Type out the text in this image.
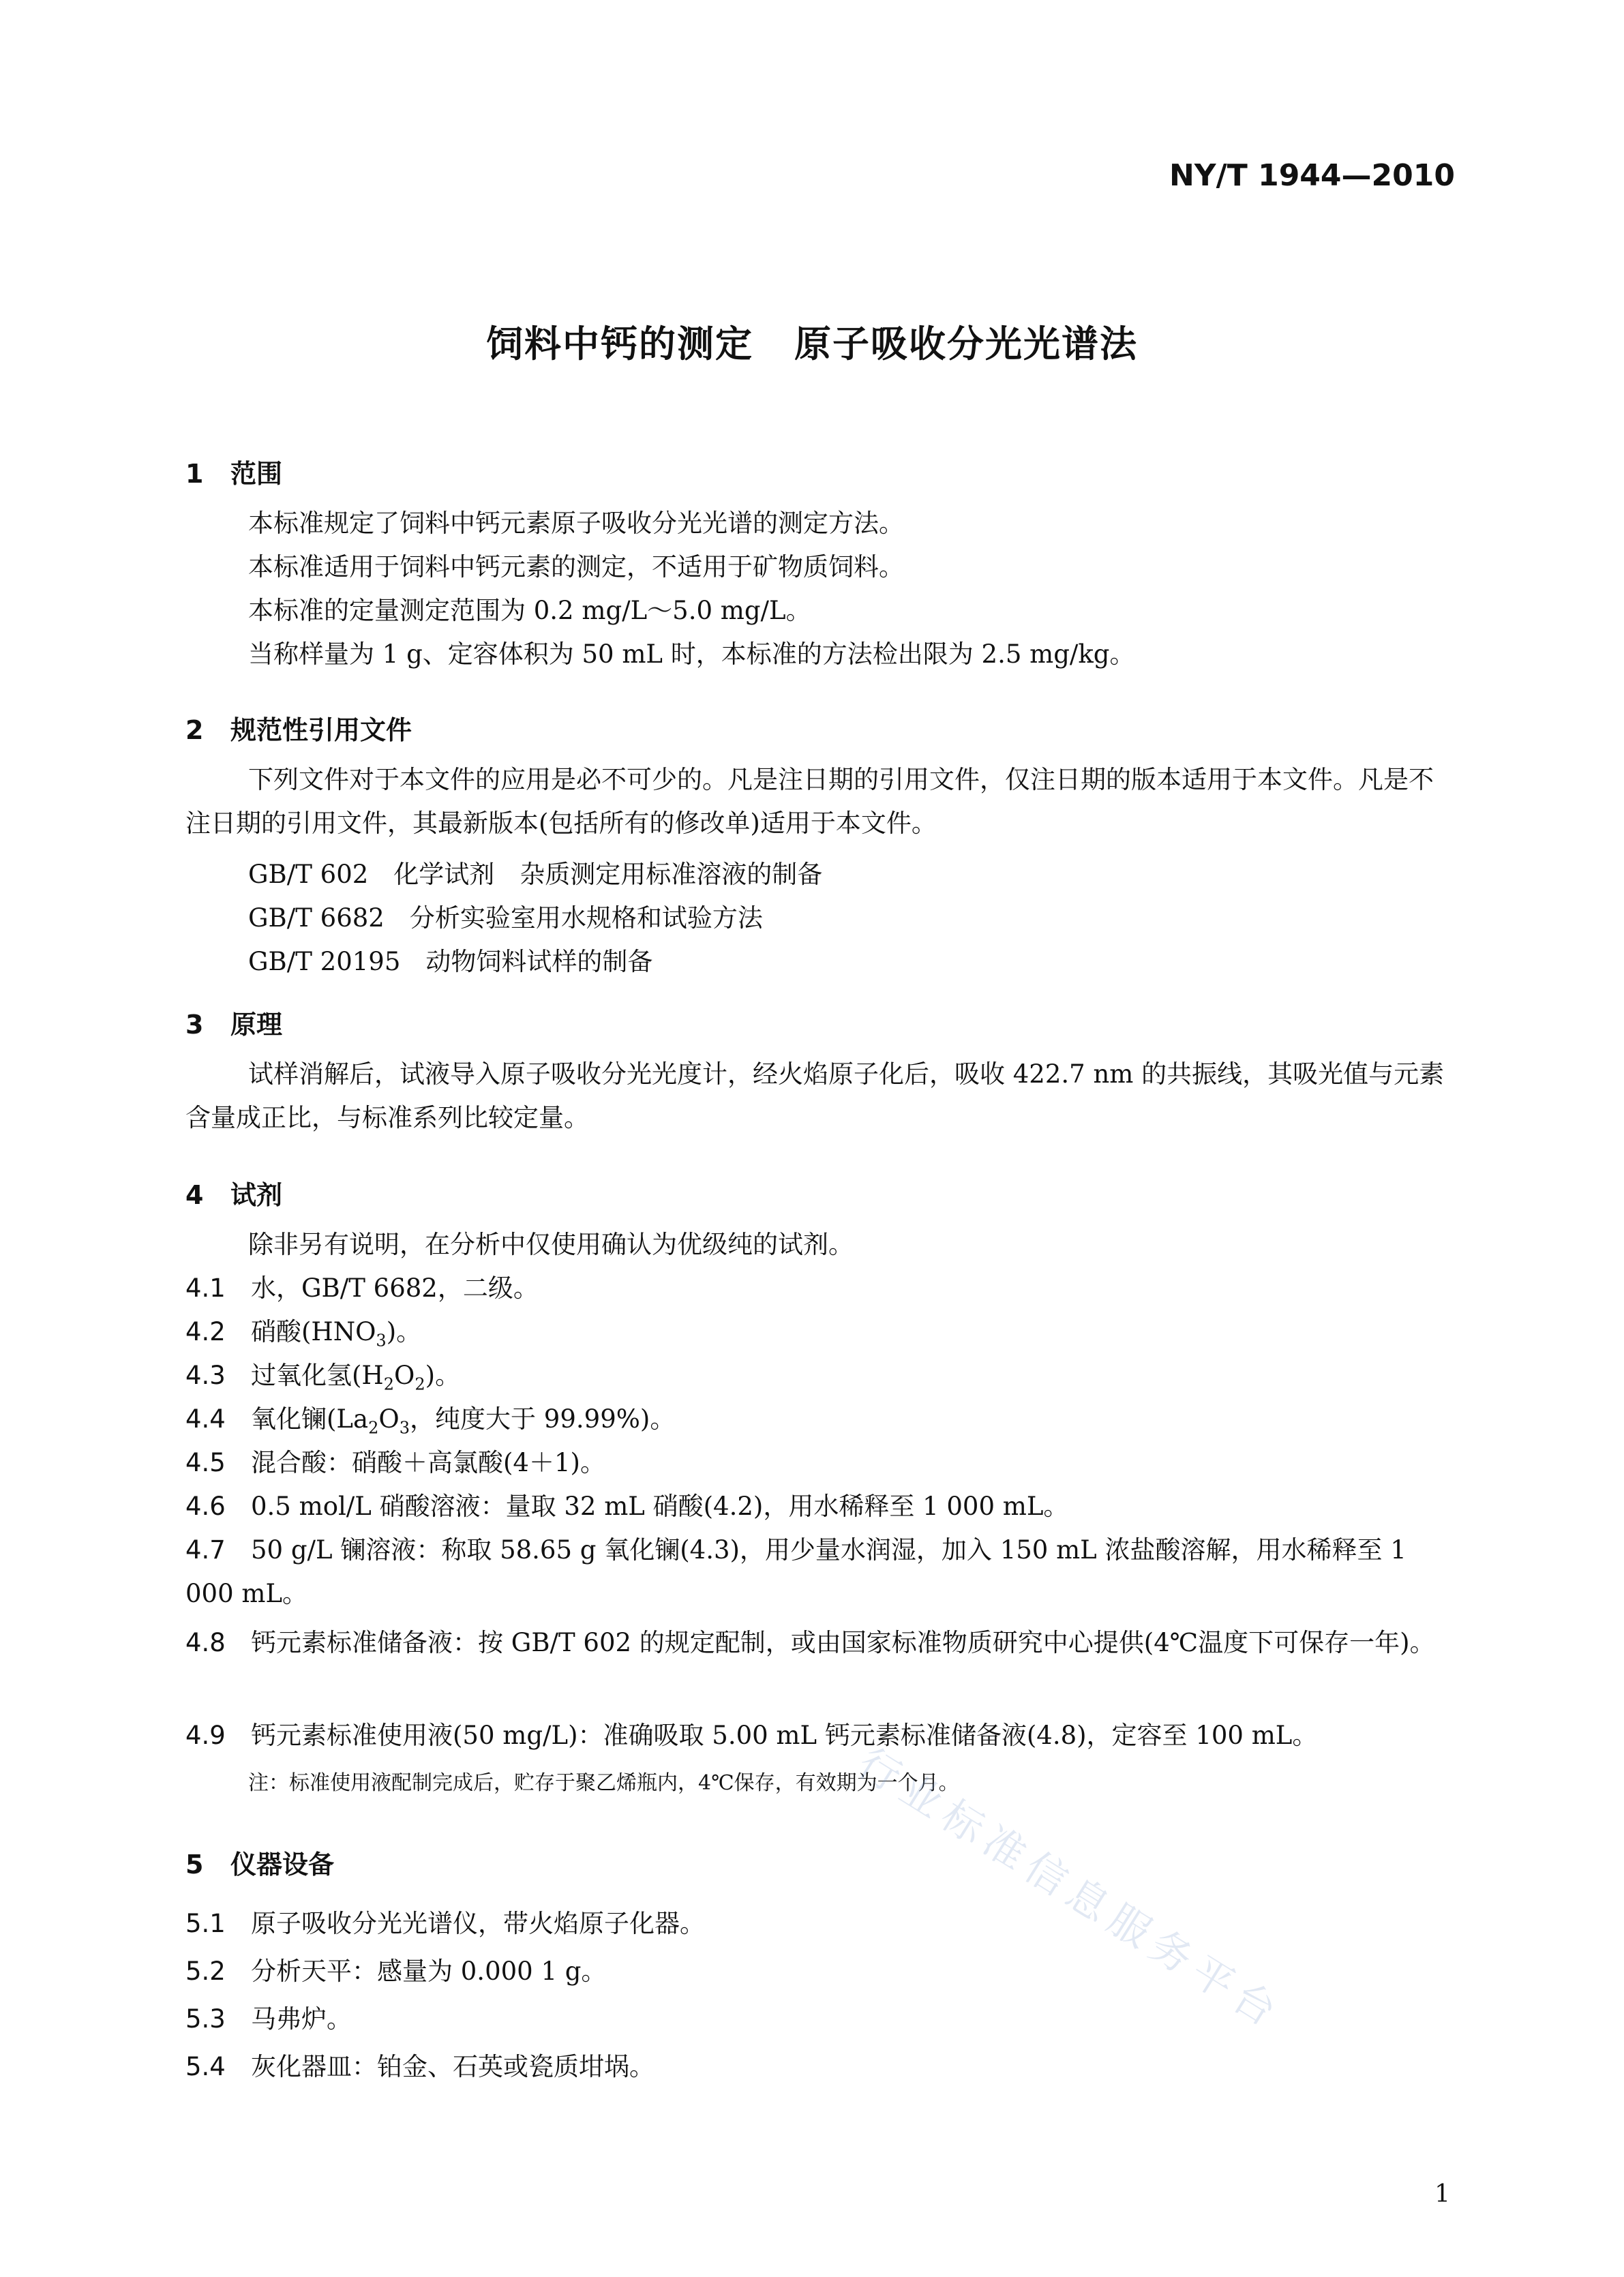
NY/T 1944—2010
饲料中钙的测定 原子吸收分光光谱法
1 范围
本标准规定了饲料中钙元素原子吸收分光光谱的测定方法。
本标准适用于饲料中钙元素的测定，不适用于矿物质饲料。
本标准的定量测定范围为 0.2 mg/L～5.0 mg/L。
当称样量为 1 g、定容体积为 50 mL 时，本标准的方法检出限为 2.5 mg/kg。
2 规范性引用文件
下列文件对于本文件的应用是必不可少的。凡是注日期的引用文件，仅注日期的版本适用于本文件。凡是不注日期的引用文件，其最新版本(包括所有的修改单)适用于本文件。
GB/T 602　化学试剂　杂质测定用标准溶液的制备
GB/T 6682　分析实验室用水规格和试验方法
GB/T 20195　动物饲料试样的制备
3 原理
试样消解后，试液导入原子吸收分光光度计，经火焰原子化后，吸收 422.7 nm 的共振线，其吸光值与元素含量成正比，与标准系列比较定量。
4 试剂
除非另有说明，在分析中仅使用确认为优级纯的试剂。
4.1 水，GB/T 6682，二级。
4.2 硝酸$(HNO_3)$。
4.3 过氧化氢$(H_2O_2)$。
4.4 氧化镧($La_2O_3$，纯度大于 99.99%)。
4.5 混合酸：硝酸＋高氯酸(4＋1)。
4.6 0.5 mol/L 硝酸溶液：量取 32 mL 硝酸(4.2)，用水稀释至 1 000 mL。
4.7 50 g/L 镧溶液：称取 58.65 g 氧化镧(4.3)，用少量水润湿，加入 150 mL 浓盐酸溶解，用水稀释至 1 000 mL。
4.8 钙元素标准储备液：按 GB/T 602 的规定配制，或由国家标准物质研究中心提供(4℃温度下可保存一年)。
4.9 钙元素标准使用液(50 mg/L)：准确吸取 5.00 mL 钙元素标准储备液(4.8)，定容至 100 mL。
注：标准使用液配制完成后，贮存于聚乙烯瓶内，4℃保存，有效期为一个月。
5 仪器设备
5.1 原子吸收分光光谱仪，带火焰原子化器。
5.2 分析天平：感量为 0.000 1 g。
5.3 马弗炉。
5.4 灰化器皿：铂金、石英或瓷质坩埚。
行业标准信息服务平台
1
